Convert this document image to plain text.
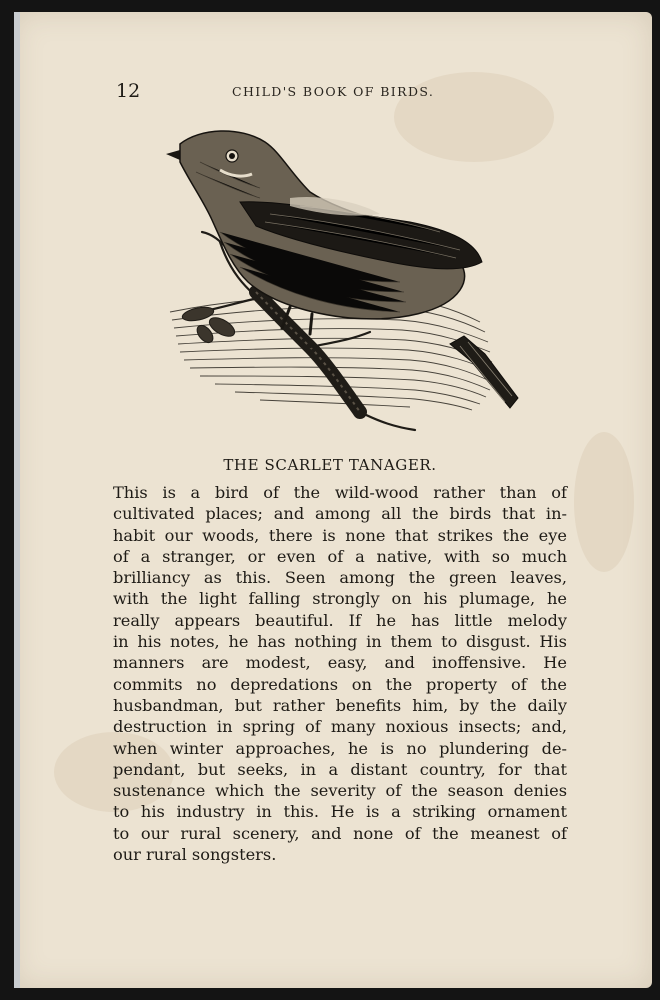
12	CHILD'S BOOK OF BIRDS.
THE SCARLET TANAGER.
This is a bird of the wild-wood rather than of
cultivated places; and among all the birds that in-
habit our woods, there is none that strikes the eye
of a stranger, or even of a native, with so much
brilliancy as this. Seen among the green leaves,
with the light falling strongly on his plumage, he
really appears beautiful. If he has little melody
in his notes, he has nothing in them to disgust. His
manners are modest, easy, and inoffensive. He
commits no depredations on the property of the
husbandman, but rather benefits him, by the daily
destruction in spring of many noxious insects; and,
when winter approaches, he is no plundering de-
pendant, but seeks, in a distant country, for that
sustenance which the severity of the season denies
to his industry in this. He is a striking ornament
to our rural scenery, and none of the meanest of
our rural songsters.
